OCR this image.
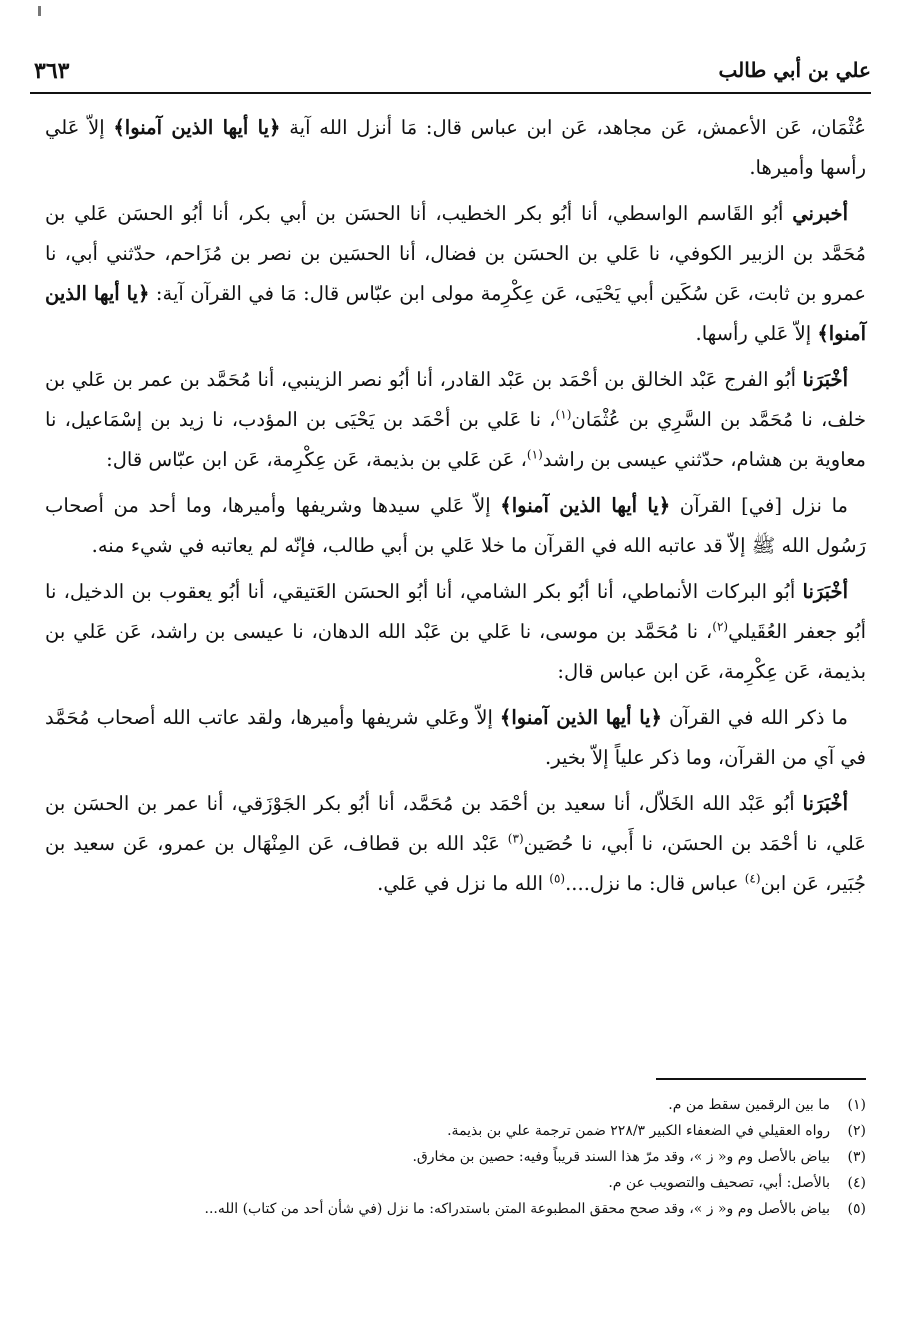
علي بن أبي طالب
٣٦٣

عُثْمَان، عَن الأعمش، عَن مجاهد، عَن ابن عباس قال: مَا أنزل الله آية ﴿يا أيها الذين آمنوا﴾ إلاّ عَلي رأسها وأميرها.

أخبرني أبُو القَاسم الواسطي، أنا أبُو بكر الخطيب، أنا الحسَن بن أبي بكر، أنا أبُو الحسَن عَلي بن مُحَمَّد بن الزبير الكوفي، نا عَلي بن الحسَن بن فضال، أنا الحسَين بن نصر بن مُزَاحم، حدّثني أبي، نا عمرو بن ثابت، عَن سُكَين أبي يَحْيَى، عَن عِكْرِمة مولى ابن عبّاس قال: مَا في القرآن آية: ﴿يا أيها الذين آمنوا﴾ إلاّ عَلي رأسها.

أخْبَرَنا أبُو الفرج عَبْد الخالق بن أحْمَد بن عَبْد القادر، أنا أبُو نصر الزينبي، أنا مُحَمَّد بن عمر بن عَلي بن خلف، نا مُحَمَّد بن السَّرِي بن عُثْمَان$^{(١)}$، نا عَلي بن أحْمَد بن يَحْيَى بن المؤدب، نا زيد بن إسْمَاعيل، نا معاوية بن هشام، حدّثني عيسى بن راشد$^{(١)}$، عَن عَلي بن بذيمة، عَن عِكْرِمة، عَن ابن عبّاس قال:

ما نزل [في] القرآن ﴿يا أيها الذين آمنوا﴾ إلاّ عَلي سيدها وشريفها وأميرها، وما أحد من أصحاب رَسُول الله ﷺ إلاّ قد عاتبه الله في القرآن ما خلا عَلي بن أبي طالب، فإنّه لم يعاتبه في شيء منه.

أخْبَرَنا أبُو البركات الأنماطي، أنا أبُو بكر الشامي، أنا أبُو الحسَن العَتيقي، أنا أبُو يعقوب بن الدخيل، نا أبُو جعفر العُقَيلي$^{(٢)}$، نا مُحَمَّد بن موسى، نا عَلي بن عَبْد الله الدهان، نا عيسى بن راشد، عَن عَلي بن بذيمة، عَن عِكْرِمة، عَن ابن عباس قال:

ما ذكر الله في القرآن ﴿يا أيها الذين آمنوا﴾ إلاّ وعَلي شريفها وأميرها، ولقد عاتب الله أصحاب مُحَمَّد في آي من القرآن، وما ذكر علياً إلاّ بخير.

أخْبَرَنا أبُو عَبْد الله الخَلاّل، أنا سعيد بن أحْمَد بن مُحَمَّد، أنا أبُو بكر الجَوْزَقي، أنا عمر بن الحسَن بن عَلي، نا أحْمَد بن الحسَن، نا أَبي، نا حُصَين$^{(٣)}$ عَبْد الله بن قطاف، عَن المِنْهَال بن عمرو، عَن سعيد بن جُبَير، عَن ابن$^{(٤)}$ عباس قال: ما نزل....$^{(٥)}$ الله ما نزل في عَلي.

(١)
ما بين الرقمين سقط من م.
(٢)
رواه العقيلي في الضعفاء الكبير ٢٢٨/٣ ضمن ترجمة علي بن بذيمة.
(٣)
بياض بالأصل وم و« ز »، وقد مرّ هذا السند قريباً وفيه: حصين بن مخارق.
(٤)
بالأصل: أبي، تصحيف والتصويب عن م.
(٥)
بياض بالأصل وم و« ز »، وقد صحح محقق المطبوعة المتن باستدراكه: ما نزل (في شأن أحد من كتاب) الله...
